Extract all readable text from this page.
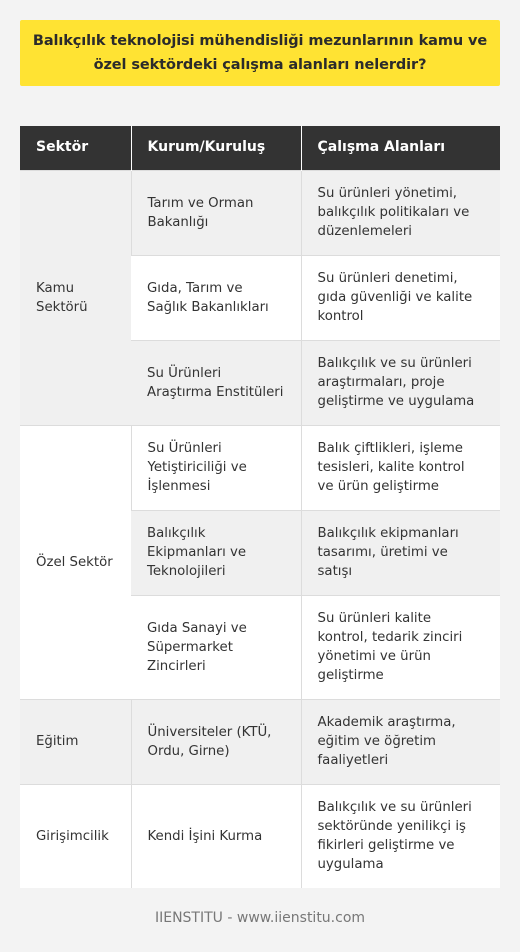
Balıkçılık teknolojisi mühendisliği mezunlarının kamu ve özel sektördeki çalışma alanları nelerdir?
Sektör	Kurum/Kuruluş	Çalışma Alanları
Kamu Sektörü	Tarım ve Orman Bakanlığı	Su ürünleri yönetimi, balıkçılık politikaları ve düzenlemeleri
	Gıda, Tarım ve Sağlık Bakanlıkları	Su ürünleri denetimi, gıda güvenliği ve kalite kontrol
	Su Ürünleri Araştırma Enstitüleri	Balıkçılık ve su ürünleri araştırmaları, proje geliştirme ve uygulama
Özel Sektör	Su Ürünleri Yetiştiriciliği ve İşlenmesi	Balık çiftlikleri, işleme tesisleri, kalite kontrol ve ürün geliştirme
	Balıkçılık Ekipmanları ve Teknolojileri	Balıkçılık ekipmanları tasarımı, üretimi ve satışı
	Gıda Sanayi ve Süpermarket Zincirleri	Su ürünleri kalite kontrol, tedarik zinciri yönetimi ve ürün geliştirme
Eğitim	Üniversiteler (KTÜ, Ordu, Girne)	Akademik araştırma, eğitim ve öğretim faaliyetleri
Girişimcilik	Kendi İşini Kurma	Balıkçılık ve su ürünleri sektöründe yenilikçi iş fikirleri geliştirme ve uygulama
IIENSTITU - www.iienstitu.com
